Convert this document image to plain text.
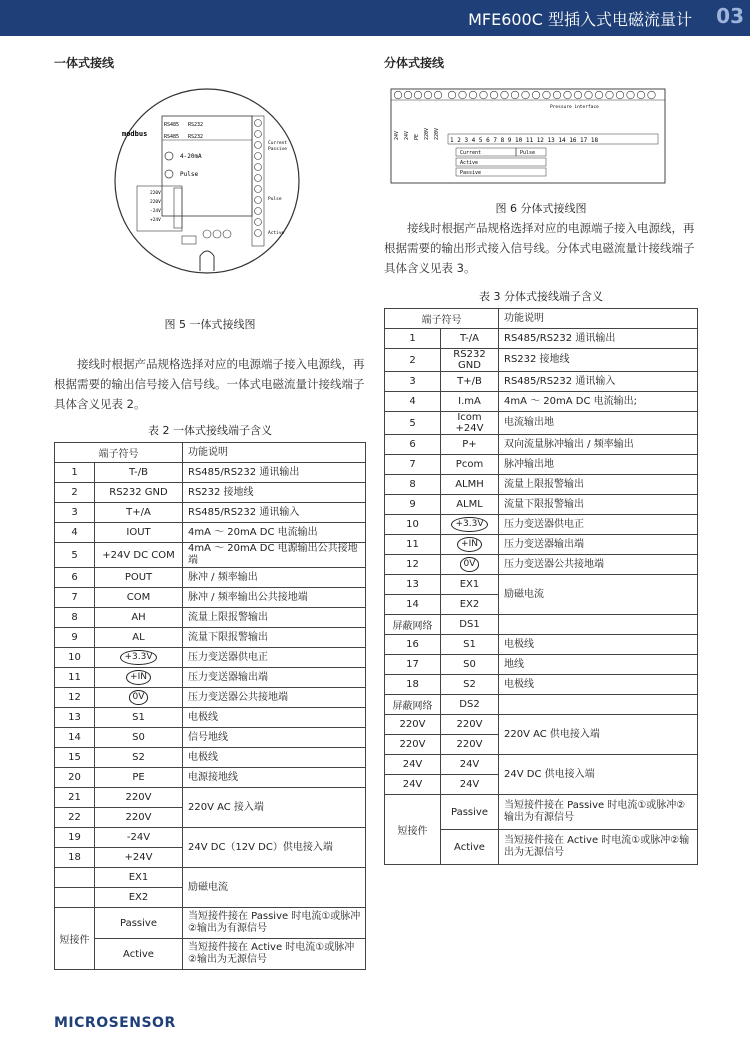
MFE600C 型插入式电磁流量计 03
一体式接线
modbus
RS485 RS232
RS485 RS232
4-20mA
Pulse
Current
Passive
Pulse
Active
220V
220V
-24V
+24V
图 5 一体式接线图
接线时根据产品规格选择对应的电源端子接入电源线，再根据需要的输出信号接入信号线。一体式电磁流量计接线端子具体含义见表 2。
表 2 一体式接线端子含义
端子符号		功能说明
1	T-/B	RS485/RS232 通讯输出
2	RS232 GND	RS232 接地线
3	T+/A	RS485/RS232 通讯输入
4	IOUT	4mA ～ 20mA DC 电流输出
5	+24V DC COM	4mA ～ 20mA DC 电源输出公共接地端
6	POUT	脉冲 / 频率输出
7	COM	脉冲 / 频率输出公共接地端
8	AH	流量上限报警输出
9	AL	流量下限报警输出
10	+3.3V	压力变送器供电正
11	+IN	压力变送器输出端
12	0V	压力变送器公共接地端
13	S1	电极线
14	S0	信号地线
15	S2	电极线
20	PE	电源接地线
21	220V	220V AC 接入端
22	220V	
19	-24V	24V DC（12V DC）供电接入端
18	+24V	
	EX1	励磁电流
	EX2	
短接件	Passive	当短接件接在 Passive 时电流①或脉冲②输出为有源信号
	Active	当短接件接在 Active 时电流①或脉冲②输出为无源信号
分体式接线
24V 24V PE 220V 220V
1 2 3 4 5 6 7 8 9 10 11 12 13 14 16 17 18
Current	Pulse
Active
Passive
Pressure interface
图 6 分体式接线图
接线时根据产品规格选择对应的电源端子接入电源线，再根据需要的输出形式接入信号线。分体式电磁流量计接线端子具体含义见表 3。
表 3 分体式接线端子含义
端子符号		功能说明
1	T-/A	RS485/RS232 通讯输出
2	RS232 GND	RS232 接地线
3	T+/B	RS485/RS232 通讯输入
4	I.mA	4mA ～ 20mA DC 电流输出;
5	Icom +24V	电流输出地
6	P+	双向流量脉冲输出 / 频率输出
7	Pcom	脉冲输出地
8	ALMH	流量上限报警输出
9	ALML	流量下限报警输出
10	+3.3V	压力变送器供电正
11	+IN	压力变送器输出端
12	0V	压力变送器公共接地端
13	EX1	励磁电流
14	EX2	
屏蔽网络	DS1	
16	S1	电极线
17	S0	地线
18	S2	电极线
屏蔽网络	DS2	
220V	220V	220V AC 供电接入端
220V	220V	
24V	24V	24V DC 供电接入端
24V	24V	
短接件	Passive	当短接件接在 Passive 时电流①或脉冲②输出为有源信号
	Active	当短接件接在 Active 时电流①或脉冲②输出为无源信号
MICROSENSOR
